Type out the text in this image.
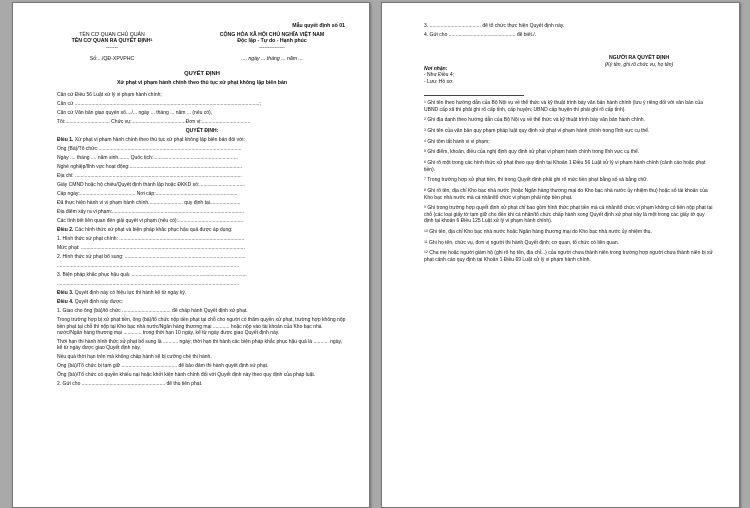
Mẫu quyết định số 01
TÊN CƠ QUAN CHỦ QUẢN
TÊN CƠ QUAN RA QUYẾT ĐỊNH$^1$
-------
Số:.../QĐ-XPVPHC
CỘNG HÒA XÃ HỘI CHỦ NGHĨA VIỆT NAM
Độc lập - Tự do - Hạnh phúc
---------------
..., ngày ... tháng ... năm ...
QUYẾT ĐỊNH
Xử phạt vi phạm hành chính theo thủ tục xử phạt không lập biên bản
Căn cứ Điều 56 Luật xử lý vi phạm hành chính;
Căn cứ .....................................................................................................................................;
Căn cứ Văn bản giao quyền số..../... ngày ... tháng ... năm ... (nếu có),
Tôi:................................ Chức vụ:.......................................Đơn vị:...................................
QUYẾT ĐỊNH:
Điều 1. Xử phạt vi phạm hành chính theo thủ tục xử phạt không lập biên bản đối với:
Ông (Bà)/Tổ chức:.......................................................................................................
Ngày .... tháng .... năm sinh........ Quốc tịch:.............................................................
Nghề nghiệp/lĩnh vực hoạt động:.................................................................................
Địa chỉ: ........................................................................................................................
Giấy CMND hoặc hộ chiếu/Quyết định thành lập hoặc ĐKKD số:.................................
Cấp ngày:........................................ Nơi cấp:...........................................................
Đã thực hiện hành vi vi phạm hành chính......................... quy định tại......................
Địa điểm xảy ra vi phạm:...............................................................................................
Các tình tiết liên quan đến giải quyết vi phạm (nếu có):...............................................
Điều 2. Các hình thức xử phạt và biện pháp khắc phục hậu quả được áp dụng:
1. Hình thức xử phạt chính: ..........................................................................................
Mức phạt: ......................................................................................................................
2. Hình thức xử phạt bổ sung: .......................................................................................
...................................................................................................................................
3. Biện pháp khắc phục hậu quả: ...................................................................................
...................................................................................................................................
Điều 3. Quyết định này có hiệu lực thi hành kể từ ngày ký.
Điều 4. Quyết định này được:
1. Giao cho ông (bà)/tổ chức ................................... để chấp hành Quyết định xử phạt.
Trong trường hợp bị xử phạt tiền, ông (bà)/tổ chức nộp tiền phạt tại chỗ cho người có thẩm quyền xử phạt, trường hợp không nộp tiền phạt tại chỗ thì nộp tại Kho bạc nhà nước/Ngân hàng thương mại ............ hoặc nộp vào tài khoản của Kho bạc nhà nước/Ngân hàng thương mại ............. trong thời hạn 10 ngày, kể từ ngày được giao Quyết định này.
Thời hạn thi hành hình thức xử phạt bổ sung là ........... ngày; thời hạn thi hành các biện pháp khắc phục hậu quả là ........... ngày, kể từ ngày được giao Quyết định này.
Nếu quá thời hạn trên mà không chấp hành sẽ bị cưỡng chế thi hành.
Ông (bà)/Tổ chức bị tạm giữ ........................................ để bảo đảm thi hành quyết định xử phạt.
Ông (bà)/Tổ chức có quyền khiếu nại hoặc khởi kiện hành chính đối với Quyết định này theo quy định của pháp luật.
2. Gửi cho ............................................................ để thu tiền phạt.
3. ..................................... để tổ chức thực hiện Quyết định này.
4. Gửi cho ................................................ để biết./.
NGƯỜI RA QUYẾT ĐỊNH
(Ký tên, ghi rõ chức vụ, họ tên)
Nơi nhận:
- Như Điều 4;
- Lưu: Hồ sơ.
$^1$ Ghi tên theo hướng dẫn của Bộ Nội vụ về thể thức và kỹ thuật trình bày văn bản hành chính (lưu ý riêng đối với văn bản của UBND cấp xã thì phải ghi rõ cấp tỉnh, cấp huyện; UBND cấp huyện thì phải ghi rõ cấp tỉnh).
$^2$ Ghi địa danh theo hướng dẫn của Bộ Nội vụ về thể thức và kỹ thuật trình bày văn bản hành chính.
$^3$ Ghi tên của văn bản quy phạm pháp luật quy định xử phạt vi phạm hành chính trong lĩnh vực cụ thể.
$^4$ Ghi tôm tắt hành vi vi phạm;
$^5$ Ghi điểm, khoản, điều của nghị định quy định xử phạt vi phạm hành chính trong lĩnh vực cụ thể.
$^6$ Ghi rõ một trong các hình thức xử phạt theo quy định tại Khoản 1 Điều 56 Luật xử lý vi phạm hành chính (cảnh cáo hoặc phạt tiền).
$^7$ Trong trường hợp xử phạt tiền, thì trong Quyết định phải ghi rõ mức tiền phạt bằng số và bằng chữ.
$^8$ Ghi rõ tên, địa chỉ Kho bạc nhà nước (hoặc Ngân hàng thương mại do Kho bạc nhà nước ủy nhiệm thu) hoặc số tài khoản của Kho bạc nhà nước mà cá nhân/tổ chức vi phạm phải nộp tiền phạt.
$^9$ Ghi trong trường hợp quyết định xử phạt chỉ bao gồm hình thức phạt tiền mà cá nhân/tổ chức vi phạm không có tiền nộp phạt tại chỗ (các loại giấy tờ tạm giữ cho đến khi cá nhân/tổ chức chấp hành xong Quyết định xử phạt này là một trong các giấy tờ quy định tại khoản 6 Điều 125 Luật xử lý vi phạm hành chính).
$^{10}$ Ghi tên, địa chỉ Kho bạc nhà nước hoặc Ngân hàng thương mại do Kho bạc nhà nước ủy nhiệm thu.
$^{11}$ Ghi họ tên, chức vụ, đơn vị người thi hành Quyết định; cơ quan, tổ chức có liên quan.
$^{12}$ Cha mẹ hoặc người giám hộ (ghi rõ họ tên, địa chỉ...) của người chưa thành niên trong trường hợp người chưa thành niên bị xử phạt cảnh cáo quy định tại Khoản 1 Điều 69 Luật xử lý vi phạm hành chính.
